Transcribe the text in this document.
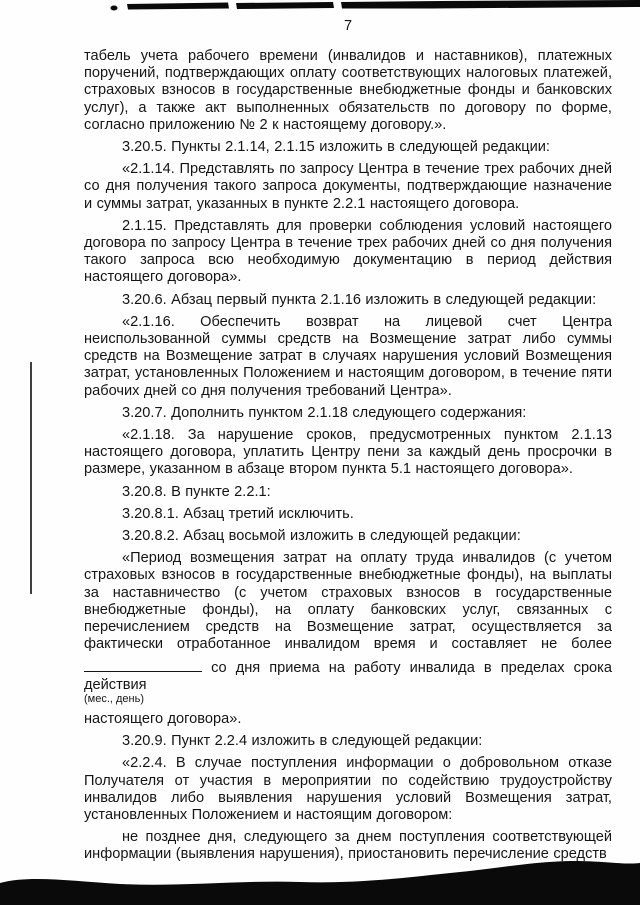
7

табель учета рабочего времени (инвалидов и наставников), платежных поручений, подтверждающих оплату соответствующих налоговых платежей, страховых взносов в государственные внебюджетные фонды и банковских услуг), а также акт выполненных обязательств по договору по форме, согласно приложению № 2 к настоящему договору.».

3.20.5. Пункты 2.1.14, 2.1.15 изложить в следующей редакции:

«2.1.14. Представлять по запросу Центра в течение трех рабочих дней со дня получения такого запроса документы, подтверждающие назначение и суммы затрат, указанных в пункте 2.2.1 настоящего договора.

2.1.15. Представлять для проверки соблюдения условий настоящего договора по запросу Центра в течение трех рабочих дней со дня получения такого запроса всю необходимую документацию в период действия настоящего договора».

3.20.6. Абзац первый пункта 2.1.16 изложить в следующей редакции:

«2.1.16. Обеспечить возврат на лицевой счет Центра неиспользованной суммы средств на Возмещение затрат либо суммы средств на Возмещение затрат в случаях нарушения условий Возмещения затрат, установленных Положением и настоящим договором, в течение пяти рабочих дней со дня получения требований Центра».

3.20.7. Дополнить пунктом 2.1.18 следующего содержания:

«2.1.18. За нарушение сроков, предусмотренных пунктом 2.1.13 настоящего договора, уплатить Центру пени за каждый день просрочки в размере, указанном в абзаце втором пункта 5.1 настоящего договора».

3.20.8. В пункте 2.2.1:

3.20.8.1. Абзац третий исключить.

3.20.8.2. Абзац восьмой изложить в следующей редакции:

«Период возмещения затрат на оплату труда инвалидов (с учетом страховых взносов в государственные внебюджетные фонды), на выплаты за наставничество (с учетом страховых взносов в государственные внебюджетные фонды), на оплату банковских услуг, связанных с перечислением средств на Возмещение затрат, осуществляется за фактически отработанное инвалидом время и составляет не более

со дня приема на работу инвалида в пределах срока действия

(мес., день)

настоящего договора».

3.20.9. Пункт 2.2.4 изложить в следующей редакции:

«2.2.4. В случае поступления информации о добровольном отказе Получателя от участия в мероприятии по содействию трудоустройству инвалидов либо выявления нарушения условий Возмещения затрат, установленных Положением и настоящим договором:

не позднее дня, следующего за днем поступления соответствующей информации (выявления нарушения), приостановить перечисление средств
